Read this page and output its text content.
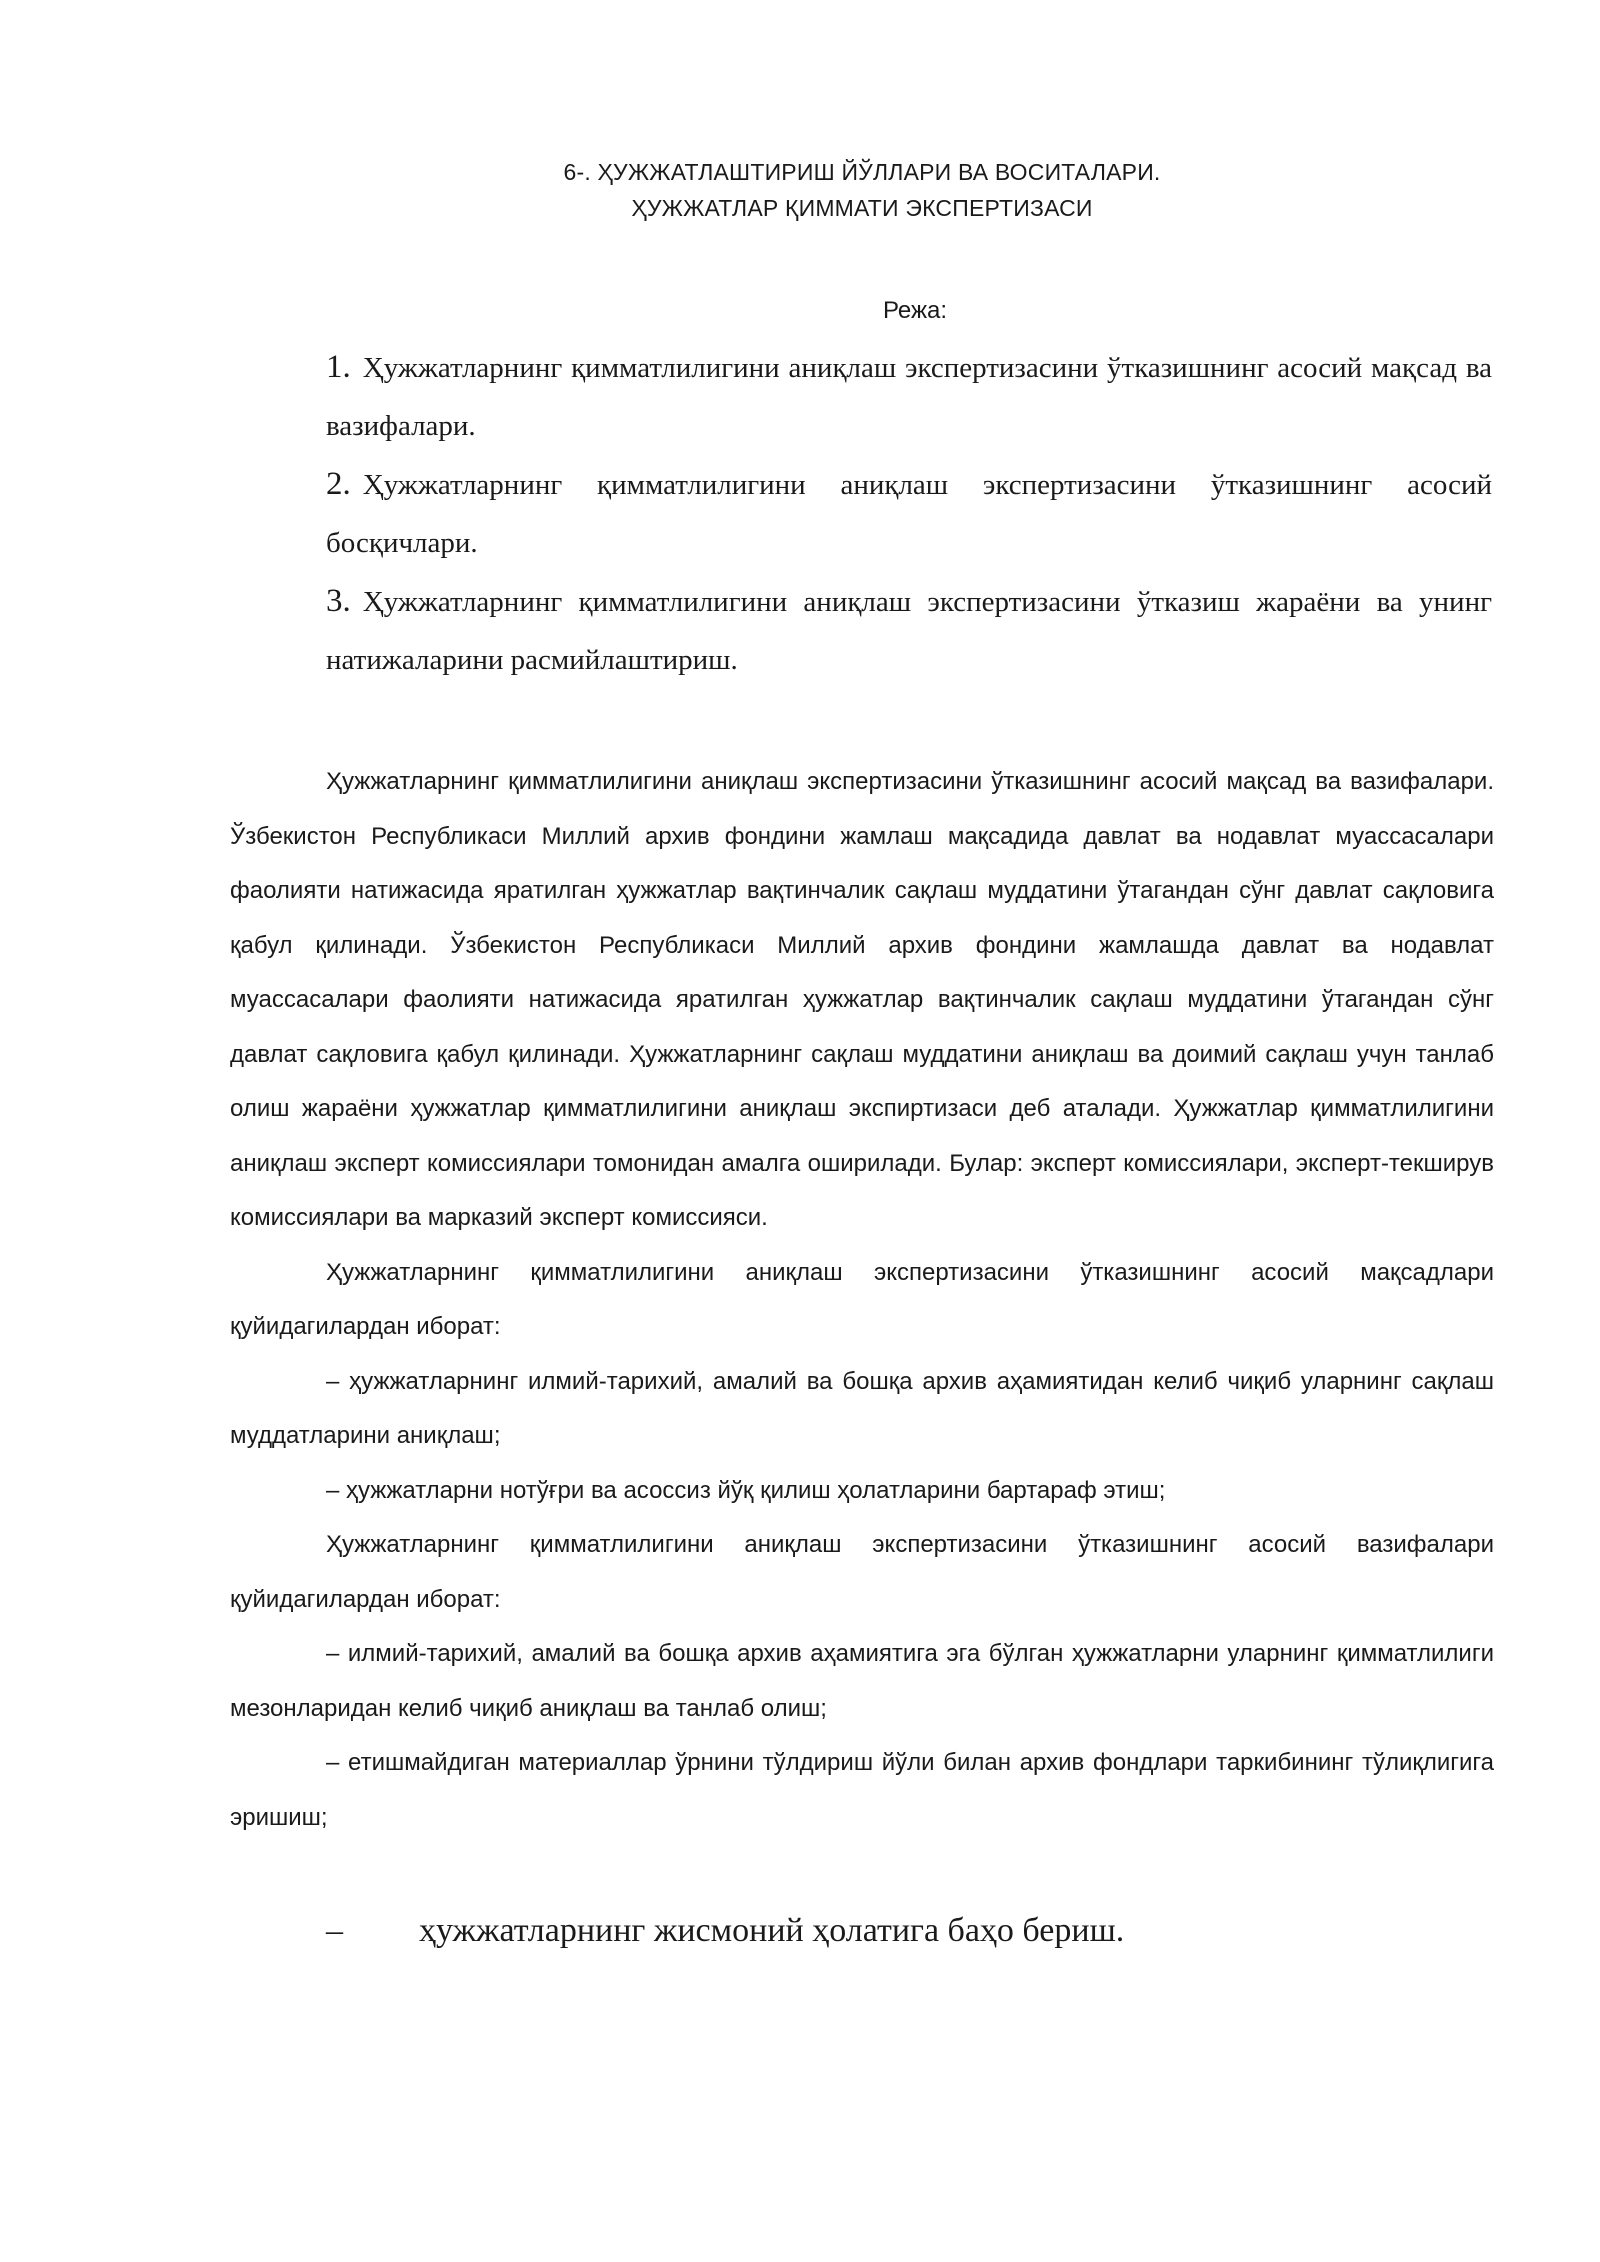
6-. ҲУЖЖАТЛАШТИРИШ ЙЎЛЛАРИ ВА ВОСИТАЛАРИ.
ҲУЖЖАТЛАР ҚИММАТИ ЭКСПЕРТИЗАСИ
Режа:

1. Ҳужжатларнинг қимматлилигини аниқлаш экспертизасини ўтказишнинг асосий мақсад ва вазифалари.

2. Ҳужжатларнинг қимматлилигини аниқлаш экспертизасини ўтказишнинг асосий босқичлари.

3. Ҳужжатларнинг қимматлилигини аниқлаш экспертизасини ўтказиш жараёни ва унинг натижаларини расмийлаштириш.

Ҳужжатларнинг қимматлилигини аниқлаш экспертизасини ўтказишнинг асосий мақсад ва вазифалари. Ўзбекистон Республикаси Миллий архив фондини жамлаш мақсадида давлат ва нодавлат муассасалари фаолияти натижасида яратилган ҳужжатлар вақтинчалик сақлаш муддатини ўтагандан сўнг давлат сақловига қабул қилинади. Ўзбекистон Республикаси Миллий архив фондини жамлашда давлат ва нодавлат муассасалари фаолияти натижасида яратилган ҳужжатлар вақтинчалик сақлаш муддатини ўтагандан сўнг давлат сақловига қабул қилинади. Ҳужжатларнинг сақлаш муддатини аниқлаш ва доимий сақлаш учун танлаб олиш жараёни ҳужжатлар қимматлилигини аниқлаш экспиртизаси деб аталади. Ҳужжатлар қимматлилигини аниқлаш эксперт комиссиялари томонидан амалга оширилади. Булар: эксперт комиссиялари, эксперт-текширув комиссиялари ва марказий эксперт комиссияси.

Ҳужжатларнинг қимматлилигини аниқлаш экспертизасини ўтказишнинг асосий мақсадлари қуйидагилардан иборат:

– ҳужжатларнинг илмий-тарихий, амалий ва бошқа архив аҳамиятидан келиб чиқиб уларнинг сақлаш муддатларини аниқлаш;

– ҳужжатларни нотўғри ва асоссиз йўқ қилиш ҳолатларини бартараф этиш;

Ҳужжатларнинг қимматлилигини аниқлаш экспертизасини ўтказишнинг асосий вазифалари қуйидагилардан иборат:

– илмий-тарихий, амалий ва бошқа архив аҳамиятига эга бўлган ҳужжатларни уларнинг қимматлилиги мезонларидан келиб чиқиб аниқлаш ва танлаб олиш;

– етишмайдиган материаллар ўрнини тўлдириш йўли билан архив фондлари таркибининг тўлиқлигига эришиш;

– ҳужжатларнинг жисмоний ҳолатига баҳо бериш.
